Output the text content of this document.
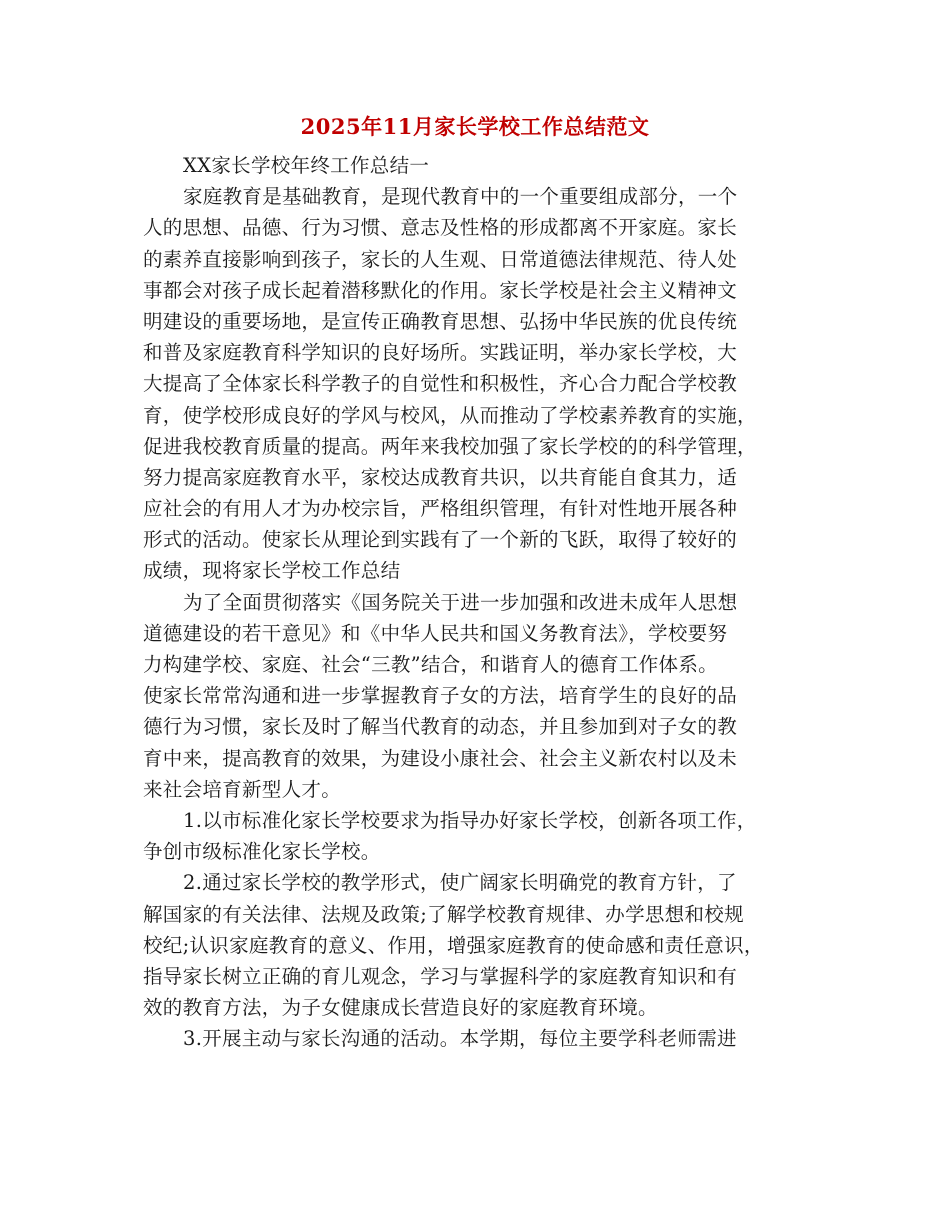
2025年11月家长学校工作总结范文
XX家长学校年终工作总结一
家庭教育是基础教育，是现代教育中的一个重要组成部分，一个
人的思想、品德、行为习惯、意志及性格的形成都离不开家庭。家长
的素养直接影响到孩子，家长的人生观、日常道德法律规范、待人处
事都会对孩子成长起着潜移默化的作用。家长学校是社会主义精神文
明建设的重要场地，是宣传正确教育思想、弘扬中华民族的优良传统
和普及家庭教育科学知识的良好场所。实践证明，举办家长学校，大
大提高了全体家长科学教子的自觉性和积极性，齐心合力配合学校教
育，使学校形成良好的学风与校风，从而推动了学校素养教育的实施，
促进我校教育质量的提高。两年来我校加强了家长学校的的科学管理，
努力提高家庭教育水平，家校达成教育共识，以共育能自食其力，适
应社会的有用人才为办校宗旨，严格组织管理，有针对性地开展各种
形式的活动。使家长从理论到实践有了一个新的飞跃，取得了较好的
成绩，现将家长学校工作总结
为了全面贯彻落实《国务院关于进一步加强和改进未成年人思想
道德建设的若干意见》和《中华人民共和国义务教育法》，学校要努
力构建学校、家庭、社会“三教”结合，和谐育人的德育工作体系。
使家长常常沟通和进一步掌握教育子女的方法，培育学生的良好的品
德行为习惯，家长及时了解当代教育的动态，并且参加到对子女的教
育中来，提高教育的效果，为建设小康社会、社会主义新农村以及未
来社会培育新型人才。
1.以市标准化家长学校要求为指导办好家长学校，创新各项工作，
争创市级标准化家长学校。
2.通过家长学校的教学形式，使广阔家长明确党的教育方针，了
解国家的有关法律、法规及政策;了解学校教育规律、办学思想和校规
校纪;认识家庭教育的意义、作用，增强家庭教育的使命感和责任意识，
指导家长树立正确的育儿观念，学习与掌握科学的家庭教育知识和有
效的教育方法，为子女健康成长营造良好的家庭教育环境。
3.开展主动与家长沟通的活动。本学期，每位主要学科老师需进
